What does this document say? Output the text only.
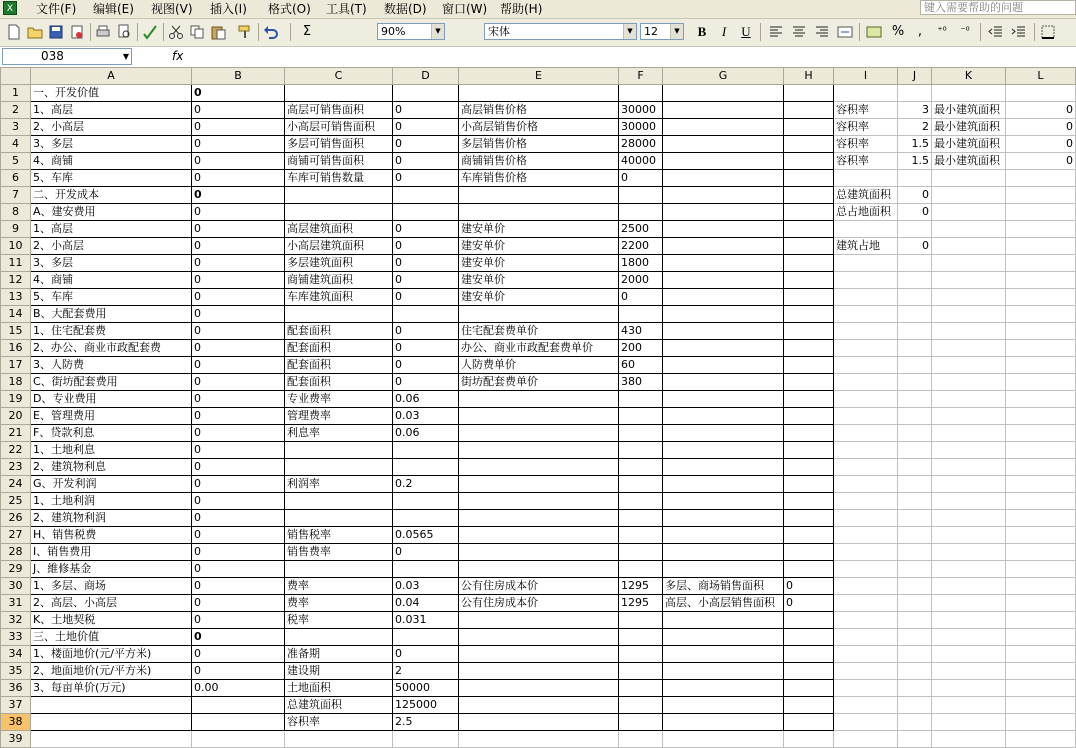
X	文件(F) 编辑(E) 视图(V) 插入(I) 格式(O) 工具(T) 数据(D) 窗口(W) 帮助(H)	键入需要帮助的问题
Σ	90%	▼	宋体	▼	12	▼	B	I	U	%	,	⁺⁰	⁻⁰
038	▼	fx
	A	B	C	D	E	F	G	H	I	J	K	L
1	一、开发价值	0										
2	1、高层	0	高层可销售面积	0	高层销售价格	30000			容积率	3	最小建筑面积	0
3	2、小高层	0	小高层可销售面积	0	小高层销售价格	30000			容积率	2	最小建筑面积	0
4	3、多层	0	多层可销售面积	0	多层销售价格	28000			容积率	1.5	最小建筑面积	0
5	4、商铺	0	商铺可销售面积	0	商铺销售价格	40000			容积率	1.5	最小建筑面积	0
6	5、车库	0	车库可销售数量	0	车库销售价格	0						
7	二、开发成本	0							总建筑面积	0		
8	A、建安费用	0							总占地面积	0		
9	1、高层	0	高层建筑面积	0	建安单价	2500						
10	2、小高层	0	小高层建筑面积	0	建安单价	2200			建筑占地	0		
11	3、多层	0	多层建筑面积	0	建安单价	1800						
12	4、商铺	0	商铺建筑面积	0	建安单价	2000						
13	5、车库	0	车库建筑面积	0	建安单价	0						
14	B、大配套费用	0										
15	1、住宅配套费	0	配套面积	0	住宅配套费单价	430						
16	2、办公、商业市政配套费	0	配套面积	0	办公、商业市政配套费单价	200						
17	3、人防费	0	配套面积	0	人防费单价	60						
18	C、街坊配套费用	0	配套面积	0	街坊配套费单价	380						
19	D、专业费用	0	专业费率	0.06								
20	E、管理费用	0	管理费率	0.03								
21	F、贷款利息	0	利息率	0.06								
22	1、土地利息	0										
23	2、建筑物利息	0										
24	G、开发利润	0	利润率	0.2								
25	1、土地利润	0										
26	2、建筑物利润	0										
27	H、销售税费	0	销售税率	0.0565								
28	I、销售费用	0	销售费率	0								
29	J、維修基金	0										
30	1、多层、商场	0	费率	0.03	公有住房成本价	1295	多层、商场销售面积	0				
31	2、高层、小高层	0	费率	0.04	公有住房成本价	1295	高层、小高层销售面积	0				
32	K、土地契税	0	税率	0.031								
33	三、土地价值	0										
34	1、楼面地价(元/平方米)	0	准备期	0								
35	2、地面地价(元/平方米)	0	建设期	2								
36	3、每亩单价(万元)	0.00	土地面积	50000								
37			总建筑面积	125000								
38			容积率	2.5								
39												
